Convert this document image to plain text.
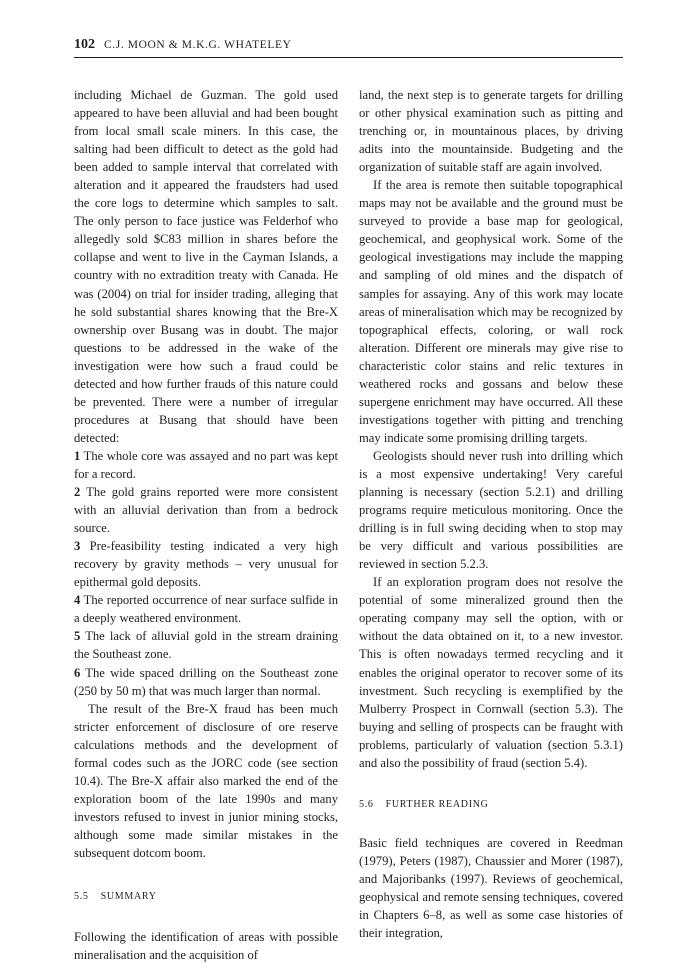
102 C.J. MOON & M.K.G. WHATELEY

including Michael de Guzman. The gold used appeared to have been alluvial and had been bought from local small scale miners. In this case, the salting had been difficult to detect as the gold had been added to sample interval that correlated with alteration and it appeared the fraudsters had used the core logs to determine which samples to salt. The only person to face justice was Felderhof who allegedly sold $C83 million in shares before the collapse and went to live in the Cayman Islands, a country with no extradition treaty with Canada. He was (2004) on trial for insider trading, alleging that he sold substantial shares knowing that the Bre-X ownership over Busang was in doubt. The major questions to be addressed in the wake of the investigation were how such a fraud could be detected and how further frauds of this nature could be prevented. There were a number of irregular procedures at Busang that should have been detected:

1 The whole core was assayed and no part was kept for a record.

2 The gold grains reported were more consistent with an alluvial derivation than from a bedrock source.

3 Pre-feasibility testing indicated a very high recovery by gravity methods – very unusual for epithermal gold deposits.

4 The reported occurrence of near surface sulfide in a deeply weathered environment.

5 The lack of alluvial gold in the stream draining the Southeast zone.

6 The wide spaced drilling on the Southeast zone (250 by 50 m) that was much larger than normal.

The result of the Bre-X fraud has been much stricter enforcement of disclosure of ore reserve calculations methods and the development of formal codes such as the JORC code (see section 10.4). The Bre-X affair also marked the end of the exploration boom of the late 1990s and many investors refused to invest in junior mining stocks, although some made similar mistakes in the subsequent dotcom boom.

5.5 SUMMARY

Following the identification of areas with possible mineralisation and the acquisition of

land, the next step is to generate targets for drilling or other physical examination such as pitting and trenching or, in mountainous places, by driving adits into the mountainside. Budgeting and the organization of suitable staff are again involved.

If the area is remote then suitable topographical maps may not be available and the ground must be surveyed to provide a base map for geological, geochemical, and geophysical work. Some of the geological investigations may include the mapping and sampling of old mines and the dispatch of samples for assaying. Any of this work may locate areas of mineralisation which may be recognized by topographical effects, coloring, or wall rock alteration. Different ore minerals may give rise to characteristic color stains and relic textures in weathered rocks and gossans and below these supergene enrichment may have occurred. All these investigations together with pitting and trenching may indicate some promising drilling targets.

Geologists should never rush into drilling which is a most expensive undertaking! Very careful planning is necessary (section 5.2.1) and drilling programs require meticulous monitoring. Once the drilling is in full swing deciding when to stop may be very difficult and various possibilities are reviewed in section 5.2.3.

If an exploration program does not resolve the potential of some mineralized ground then the operating company may sell the option, with or without the data obtained on it, to a new investor. This is often nowadays termed recycling and it enables the original operator to recover some of its investment. Such recycling is exemplified by the Mulberry Prospect in Cornwall (section 5.3). The buying and selling of prospects can be fraught with problems, particularly of valuation (section 5.3.1) and also the possibility of fraud (section 5.4).

5.6 FURTHER READING

Basic field techniques are covered in Reedman (1979), Peters (1987), Chaussier and Morer (1987), and Majoribanks (1997). Reviews of geochemical, geophysical and remote sensing techniques, covered in Chapters 6–8, as well as some case histories of their integration,
